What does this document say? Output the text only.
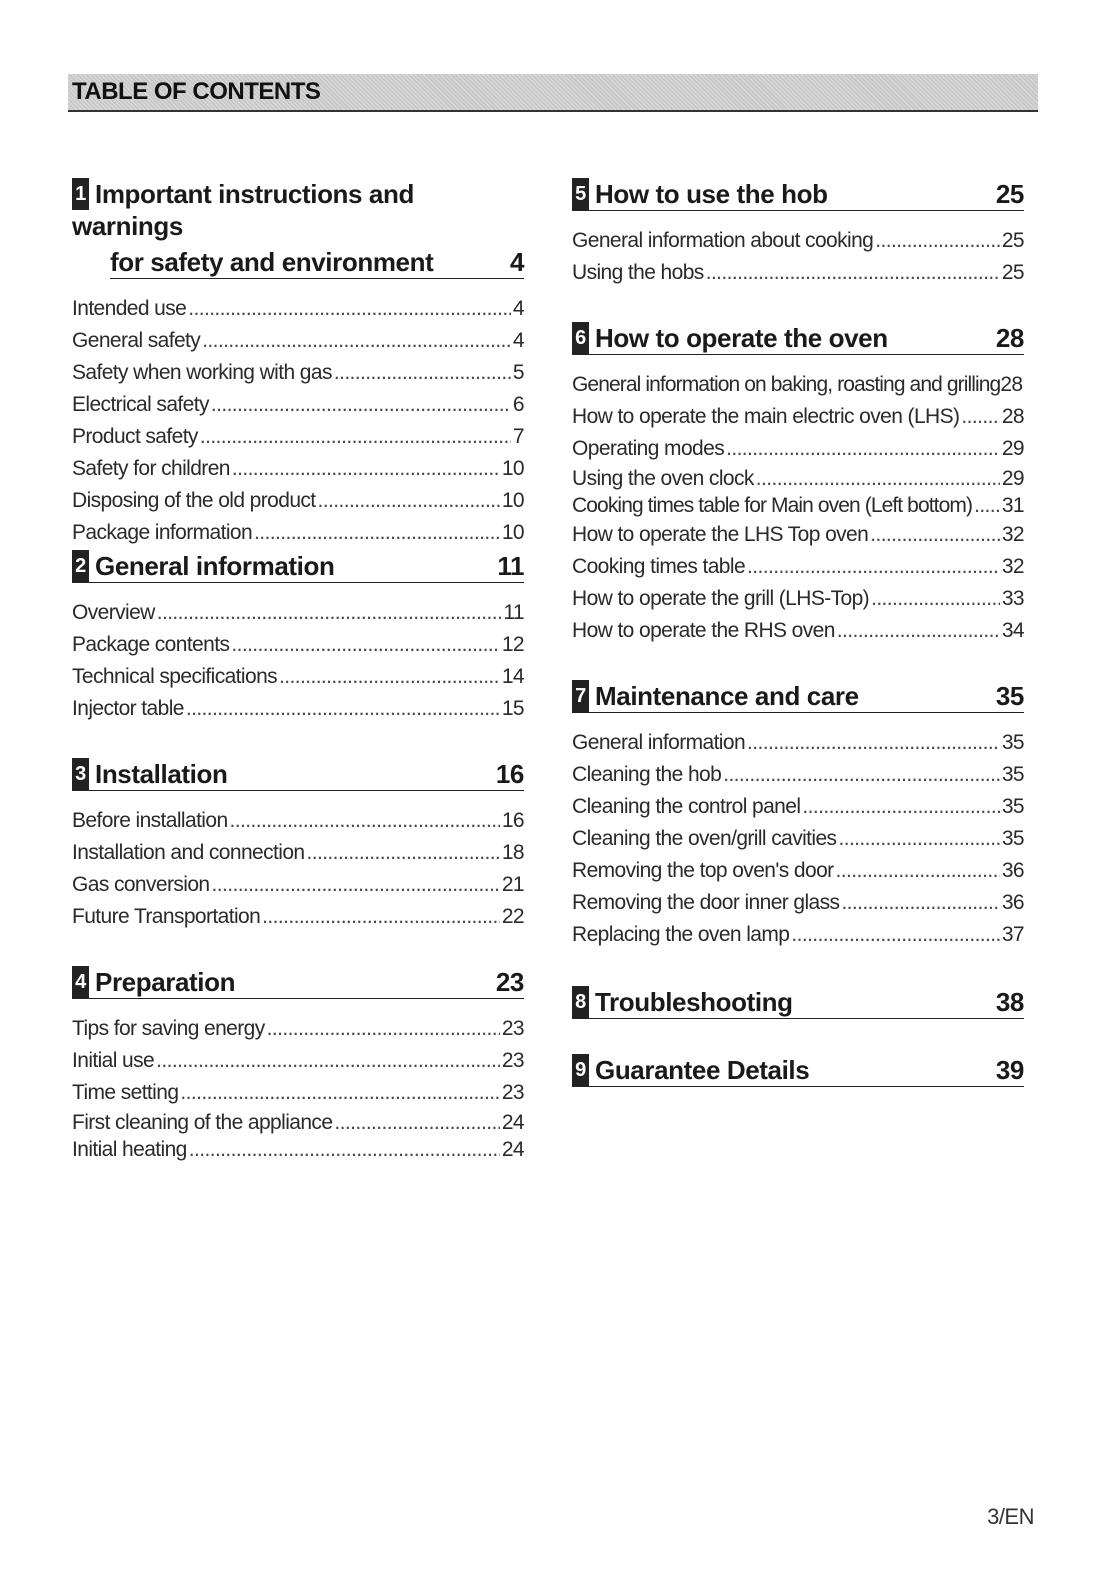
TABLE OF CONTENTS
1 Important instructions and warnings
for safety and environment	4
Intended use .....	4
General safety .....	4
Safety when working with gas .....	5
Electrical safety .....	6
Product safety .....	7
Safety for children .....	10
Disposing of the old product .....	10
Package information .....	10
2 General information	11
Overview .....	11
Package contents .....	12
Technical specifications .....	14
Injector table .....	15
3 Installation	16
Before installation .....	16
Installation and connection .....	18
Gas conversion .....	21
Future Transportation .....	22
4 Preparation	23
Tips for saving energy .....	23
Initial use .....	23
Time setting .....	23
First cleaning of the appliance .....	24
Initial heating .....	24
5 How to use the hob	25
General information about cooking .....	25
Using the hobs .....	25
6 How to operate the oven	28
General information on baking, roasting and grilling 28
How to operate the main electric oven (LHS) ..... 28
Operating modes .....	29
Using the oven clock .....	29
Cooking times table for Main oven (Left bottom) ..... 31
How to operate the LHS Top oven .....	32
Cooking times table .....	32
How to operate the grill (LHS-Top) .....	33
How to operate the RHS oven .....	34
7 Maintenance and care	35
General information .....	35
Cleaning the hob .....	35
Cleaning the control panel .....	35
Cleaning the oven/grill cavities .....	35
Removing the top oven's door .....	36
Removing the door inner glass .....	36
Replacing the oven lamp .....	37
8 Troubleshooting	38
9 Guarantee Details	39
3/EN
